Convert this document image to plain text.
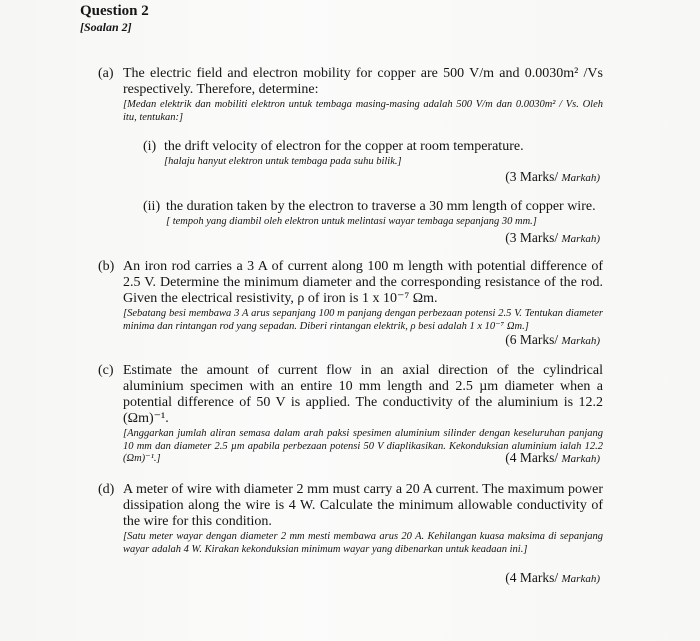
Question 2
[Soalan 2]
(a) The electric field and electron mobility for copper are 500 V/m and 0.0030m² /Vs respectively. Therefore, determine:
[Medan elektrik dan mobiliti elektron untuk tembaga masing-masing adalah 500 V/m dan 0.0030m² / Vs. Oleh itu, tentukan:]
(i) the drift velocity of electron for the copper at room temperature.
[halaju hanyut elektron untuk tembaga pada suhu bilik.]
(3 Marks/ Markah)
(ii) the duration taken by the electron to traverse a 30 mm length of copper wire.
[ tempoh yang diambil oleh elektron untuk melintasi wayar tembaga sepanjang 30 mm.]
(3 Marks/ Markah)
(b) An iron rod carries a 3 A of current along 100 m length with potential difference of 2.5 V. Determine the minimum diameter and the corresponding resistance of the rod. Given the electrical resistivity, ρ of iron is 1 x 10⁻⁷ Ωm.
[Sebatang besi membawa 3 A arus sepanjang 100 m panjang dengan perbezaan potensi 2.5 V. Tentukan diameter minima dan rintangan rod yang sepadan. Diberi rintangan elektrik, ρ besi adalah 1 x 10⁻⁷ Ωm.]
(6 Marks/ Markah)
(c) Estimate the amount of current flow in an axial direction of the cylindrical aluminium specimen with an entire 10 mm length and 2.5 µm diameter when a potential difference of 50 V is applied. The conductivity of the aluminium is 12.2 (Ωm)⁻¹.
[Anggarkan jumlah aliran semasa dalam arah paksi spesimen aluminium silinder dengan keseluruhan panjang 10 mm dan diameter 2.5 µm apabila perbezaan potensi 50 V diaplikasikan. Kekonduksian aluminium ialah 12.2 (Ωm)⁻¹.]	(4 Marks/ Markah)
(d) A meter of wire with diameter 2 mm must carry a 20 A current. The maximum power dissipation along the wire is 4 W. Calculate the minimum allowable conductivity of the wire for this condition.
[Satu meter wayar dengan diameter 2 mm mesti membawa arus 20 A. Kehilangan kuasa maksima di sepanjang wayar adalah 4 W. Kirakan kekonduksian minimum wayar yang dibenarkan untuk keadaan ini.]
(4 Marks/ Markah)
